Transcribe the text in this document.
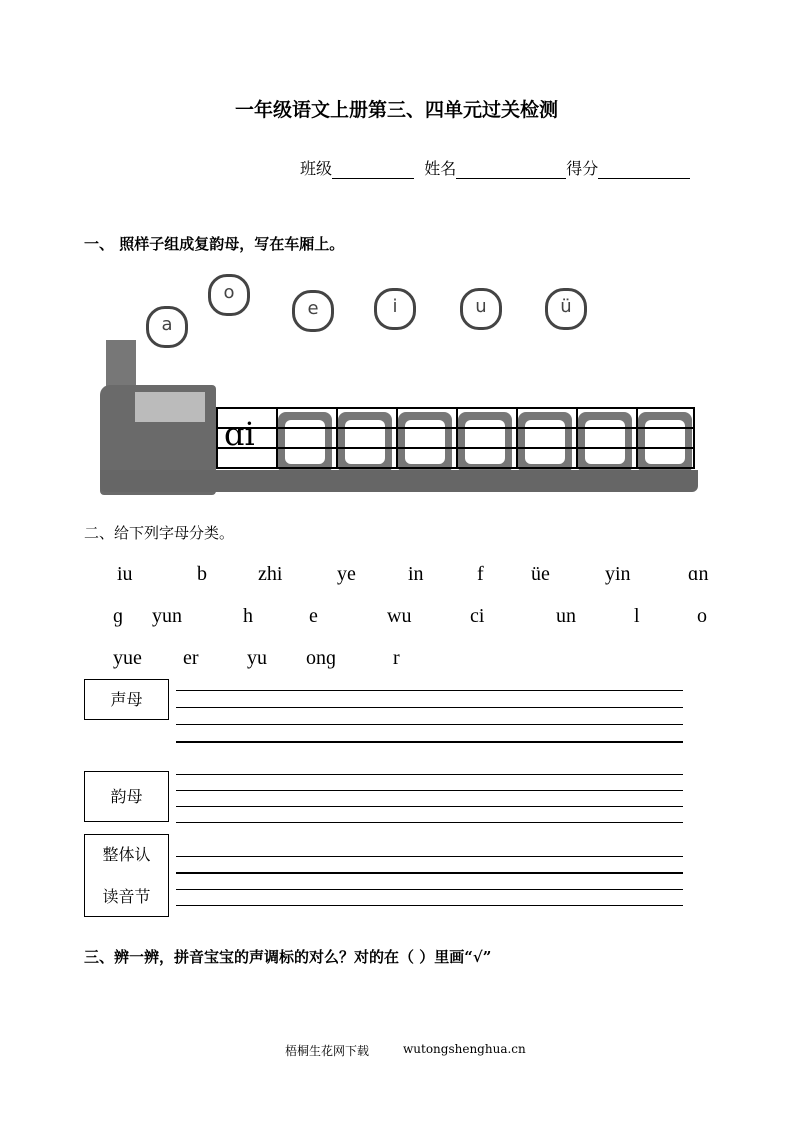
一年级语文上册第三、四单元过关检测
班级	姓名	得分
一、 照样子组成复韵母，写在车厢上。
a
o
e	i	u	ü
ɑi
二、给下列字母分类。
iu	b	zhi	ye	in	f üe	yin	ɑn
ɡ yun	h	e	wu	ci	un	l	o
yue er yu onɡ	r
声母
韵母
整体认
读音节
三、辨一辨，拼音宝宝的声调标的对么？对的在（ ）里画“√”
梧桐生花网下载	wutongshenghua.cn
